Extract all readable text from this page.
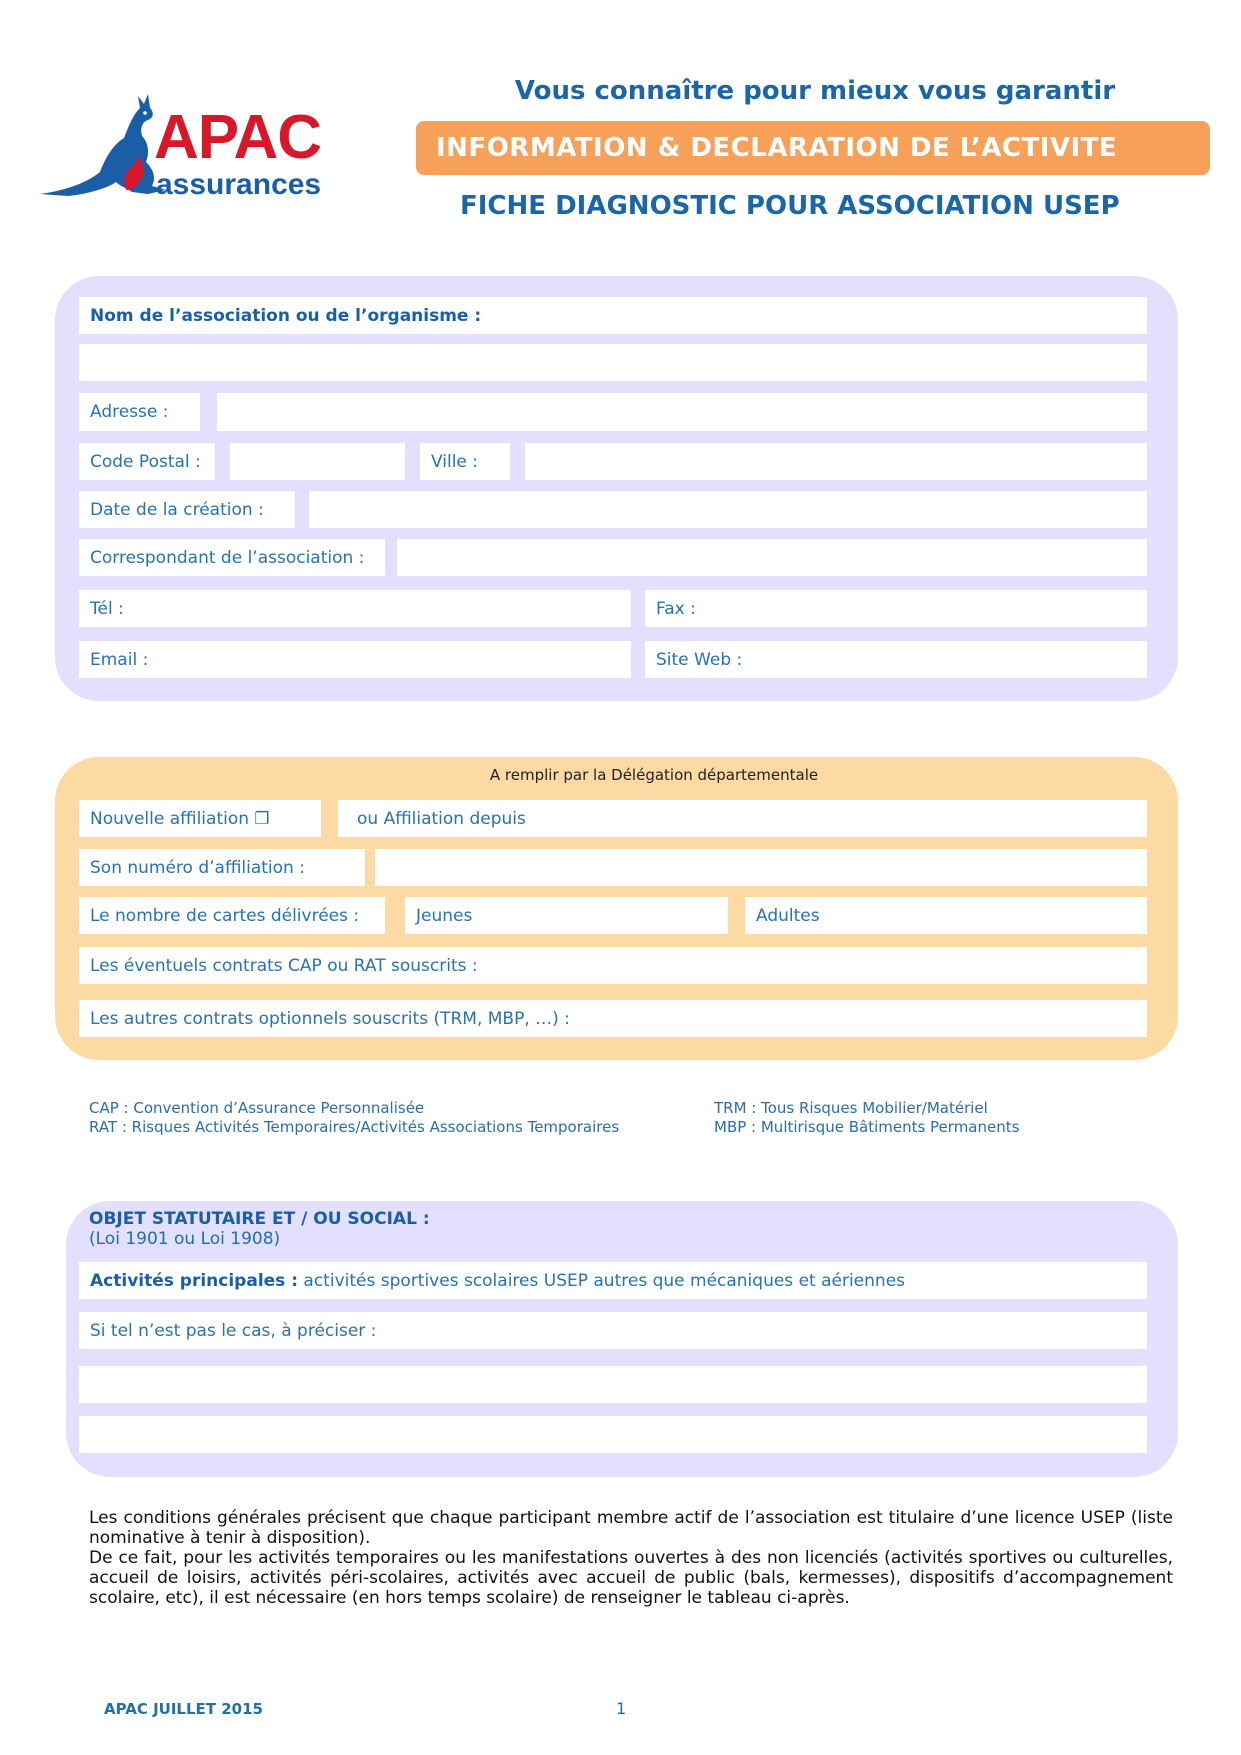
APAC
assurances
Vous connaître pour mieux vous garantir
INFORMATION & DECLARATION DE L’ACTIVITE
FICHE DIAGNOSTIC POUR ASSOCIATION USEP
Nom de l’association ou de l’organisme :
Adresse :
Code Postal :	Ville :
Date de la création :
Correspondant de l’association :
Tél :	Fax :
Email :	Site Web :
A remplir par la Délégation départementale
Nouvelle affiliation ❒	ou Affiliation depuis
Son numéro d’affiliation :
Le nombre de cartes délivrées :	Jeunes	Adultes
Les éventuels contrats CAP ou RAT souscrits :
Les autres contrats optionnels souscrits (TRM, MBP, …) :
CAP : Convention d’Assurance Personnalisée
RAT : Risques Activités Temporaires/Activités Associations Temporaires
TRM : Tous Risques Mobilier/Matériel
MBP : Multirisque Bâtiments Permanents
OBJET STATUTAIRE ET / OU SOCIAL :
(Loi 1901 ou Loi 1908)
Activités principales : activités sportives scolaires USEP autres que mécaniques et aériennes
Si tel n’est pas le cas, à préciser :

Les conditions générales précisent que chaque participant membre actif de l’association est titulaire d’une licence USEP (liste nominative à tenir à disposition).

De ce fait, pour les activités temporaires ou les manifestations ouvertes à des non licenciés (activités sportives ou culturelles, accueil de loisirs, activités péri-scolaires, activités avec accueil de public (bals, kermesses), dispositifs d’accompagnement scolaire, etc), il est nécessaire (en hors temps scolaire) de renseigner le tableau ci-après.

APAC JUILLET 2015	1
